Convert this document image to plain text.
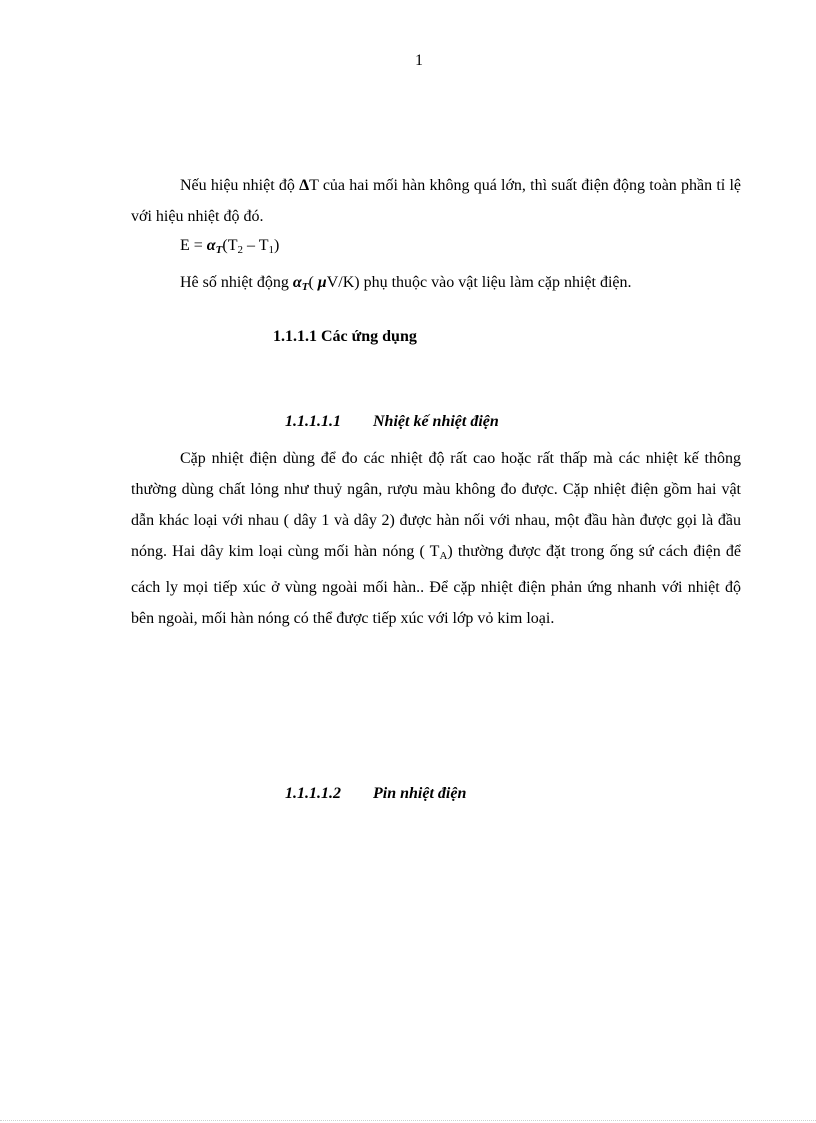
1

Nếu hiệu nhiệt độ ΔT của hai mối hàn không quá lớn, thì suất điện động toàn phần tỉ lệ với hiệu nhiệt độ đó.

$E = \alpha_T(T_2 - T_1)$
Hê số nhiệt động $\alpha_T$( μV/K) phụ thuộc vào vật liệu làm cặp nhiệt điện.
1.1.1.1 Các ứng dụng
1.1.1.1.1 Nhiệt kế nhiệt điện

Cặp nhiệt điện dùng để đo các nhiệt độ rất cao hoặc rất thấp mà các nhiệt kế thông thường dùng chất lỏng như thuỷ ngân, rượu màu không đo được. Cặp nhiệt điện gồm hai vật dẫn khác loại với nhau ( dây 1 và dây 2) được hàn nối với nhau, một đầu hàn được gọi là đầu nóng. Hai dây kim loại cùng mối hàn nóng ( $T_A$) thường được đặt trong ống sứ cách điện để cách ly mọi tiếp xúc ở vùng ngoài mối hàn.. Để cặp nhiệt điện phản ứng nhanh với nhiệt độ bên ngoài, mối hàn nóng có thể được tiếp xúc với lớp vỏ kim loại.

1.1.1.1.2 Pin nhiệt điện
